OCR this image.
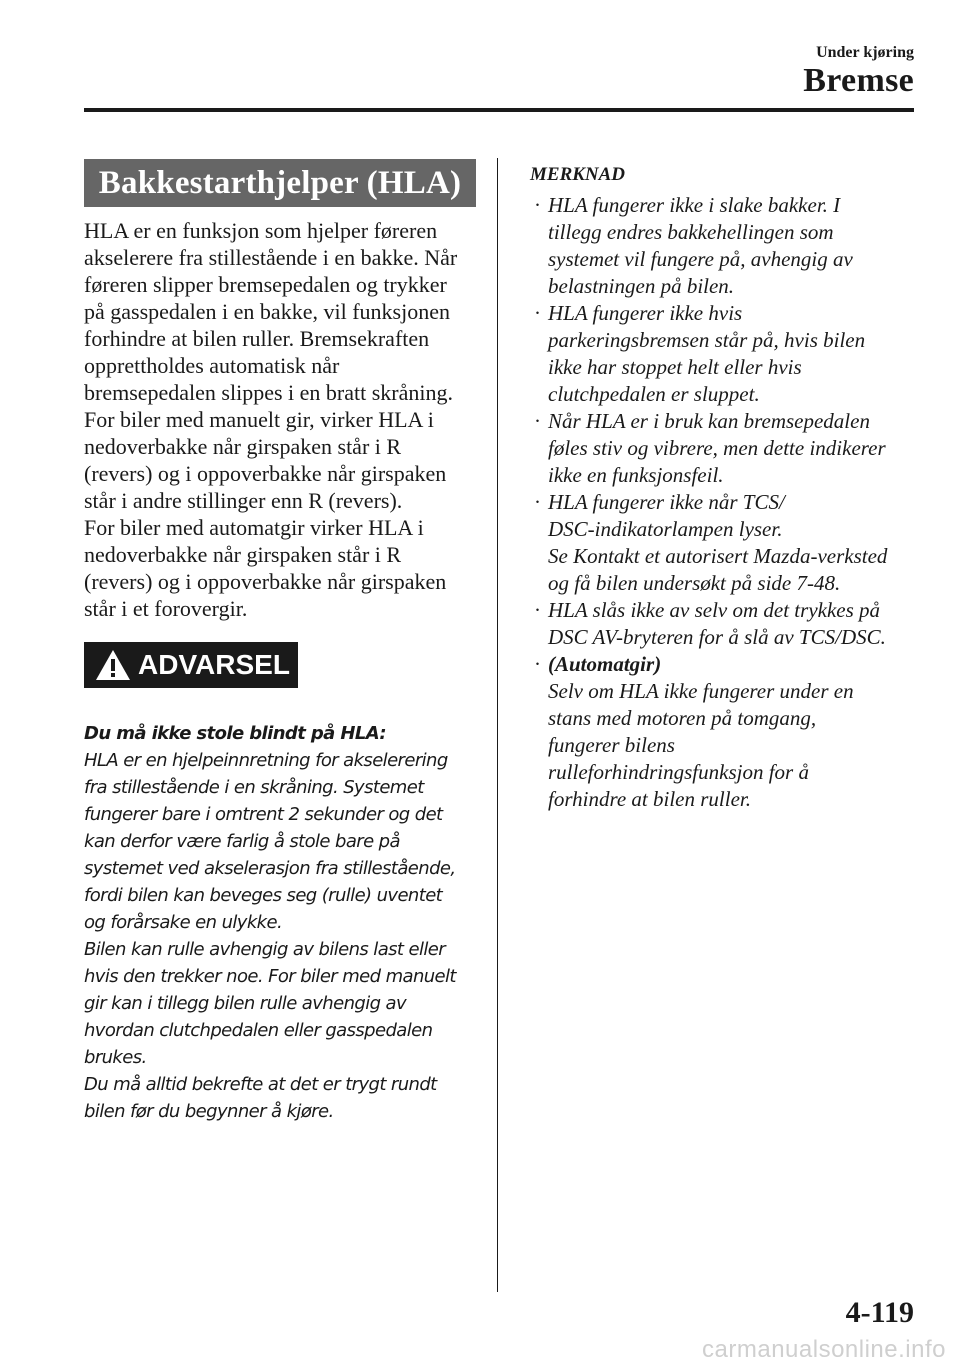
Under kjøring
Bremse
Bakkestarthjelper (HLA)

HLA er en funksjon som hjelper føreren

akselerere fra stillestående i en bakke. Når

føreren slipper bremsepedalen og trykker

på gasspedalen i en bakke, vil funksjonen

forhindre at bilen ruller. Bremsekraften

opprettholdes automatisk når

bremsepedalen slippes i en bratt skråning.

For biler med manuelt gir, virker HLA i

nedoverbakke når girspaken står i R

(revers) og i oppoverbakke når girspaken

står i andre stillinger enn R (revers).

For biler med automatgir virker HLA i

nedoverbakke når girspaken står i R

(revers) og i oppoverbakke når girspaken

står i et forovergir.

ADVARSEL
Du må ikke stole blindt på HLA:

HLA er en hjelpeinnretning for akselerering

fra stillestående i en skråning. Systemet

fungerer bare i omtrent 2 sekunder og det

kan derfor være farlig å stole bare på

systemet ved akselerasjon fra stillestående,

fordi bilen kan beveges seg (rulle) uventet

og forårsake en ulykke.

Bilen kan rulle avhengig av bilens last eller

hvis den trekker noe. For biler med manuelt

gir kan i tillegg bilen rulle avhengig av

hvordan clutchpedalen eller gasspedalen

brukes.

Du må alltid bekrefte at det er trygt rundt

bilen før du begynner å kjøre.

MERKNAD
· HLA fungerer ikke i slake bakker. I
tillegg endres bakkehellingen som
systemet vil fungere på, avhengig av
belastningen på bilen.
· HLA fungerer ikke hvis
parkeringsbremsen står på, hvis bilen
ikke har stoppet helt eller hvis
clutchpedalen er sluppet.
· Når HLA er i bruk kan bremsepedalen
føles stiv og vibrere, men dette indikerer
ikke en funksjonsfeil.
· HLA fungerer ikke når TCS/
DSC-indikatorlampen lyser.
Se Kontakt et autorisert Mazda-verksted
og få bilen undersøkt på side 7-48.
· HLA slås ikke av selv om det trykkes på
DSC AV-bryteren for å slå av TCS/DSC.
· (Automatgir)
Selv om HLA ikke fungerer under en
stans med motoren på tomgang,
fungerer bilens
rulleforhindringsfunksjon for å
forhindre at bilen ruller.
4-119
carmanualsonline.info
